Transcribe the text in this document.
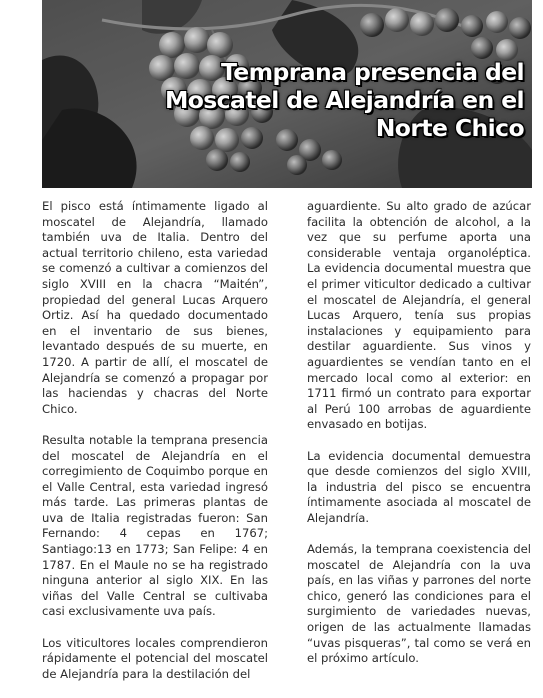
Temprana presencia del Moscatel de Alejandría en el Norte Chico

El pisco está íntimamente ligado al moscatel de Alejandría, llamado también uva de Italia. Dentro del actual territorio chileno, esta variedad se comenzó a cultivar a comienzos del siglo XVIII en la chacra “Maitén”, propiedad del general Lucas Arquero Ortiz. Así ha quedado documentado en el inventario de sus bienes, levantado después de su muerte, en 1720. A partir de allí, el moscatel de Alejandría se comenzó a propagar por las haciendas y chacras del Norte Chico.

Resulta notable la temprana presencia del moscatel de Alejandría en el corregimiento de Coquimbo porque en el Valle Central, esta variedad ingresó más tarde. Las primeras plantas de uva de Italia registradas fueron: San Fernando: 4 cepas en 1767; Santiago:13 en 1773; San Felipe: 4 en 1787. En el Maule no se ha registrado ninguna anterior al siglo XIX. En las viñas del Valle Central se cultivaba casi exclusivamente uva país.

Los viticultores locales comprendieron rápidamente el potencial del moscatel de Alejandría para la destilación del

aguardiente. Su alto grado de azúcar facilita la obtención de alcohol, a la vez que su perfume aporta una considerable ventaja organoléptica. La evidencia documental muestra que el primer viticultor dedicado a cultivar el moscatel de Alejandría, el general Lucas Arquero, tenía sus propias instalaciones y equipamiento para destilar aguardiente. Sus vinos y aguardientes se vendían tanto en el mercado local como al exterior: en 1711 firmó un contrato para exportar al Perú 100 arrobas de aguardiente envasado en botijas.

La evidencia documental demuestra que desde comienzos del siglo XVIII, la industria del pisco se encuentra íntimamente asociada al moscatel de Alejandría.

Además, la temprana coexistencia del moscatel de Alejandría con la uva país, en las viñas y parrones del norte chico, generó las condiciones para el surgimiento de variedades nuevas, origen de las actualmente llamadas “uvas pisqueras”, tal como se verá en el próximo artículo.
